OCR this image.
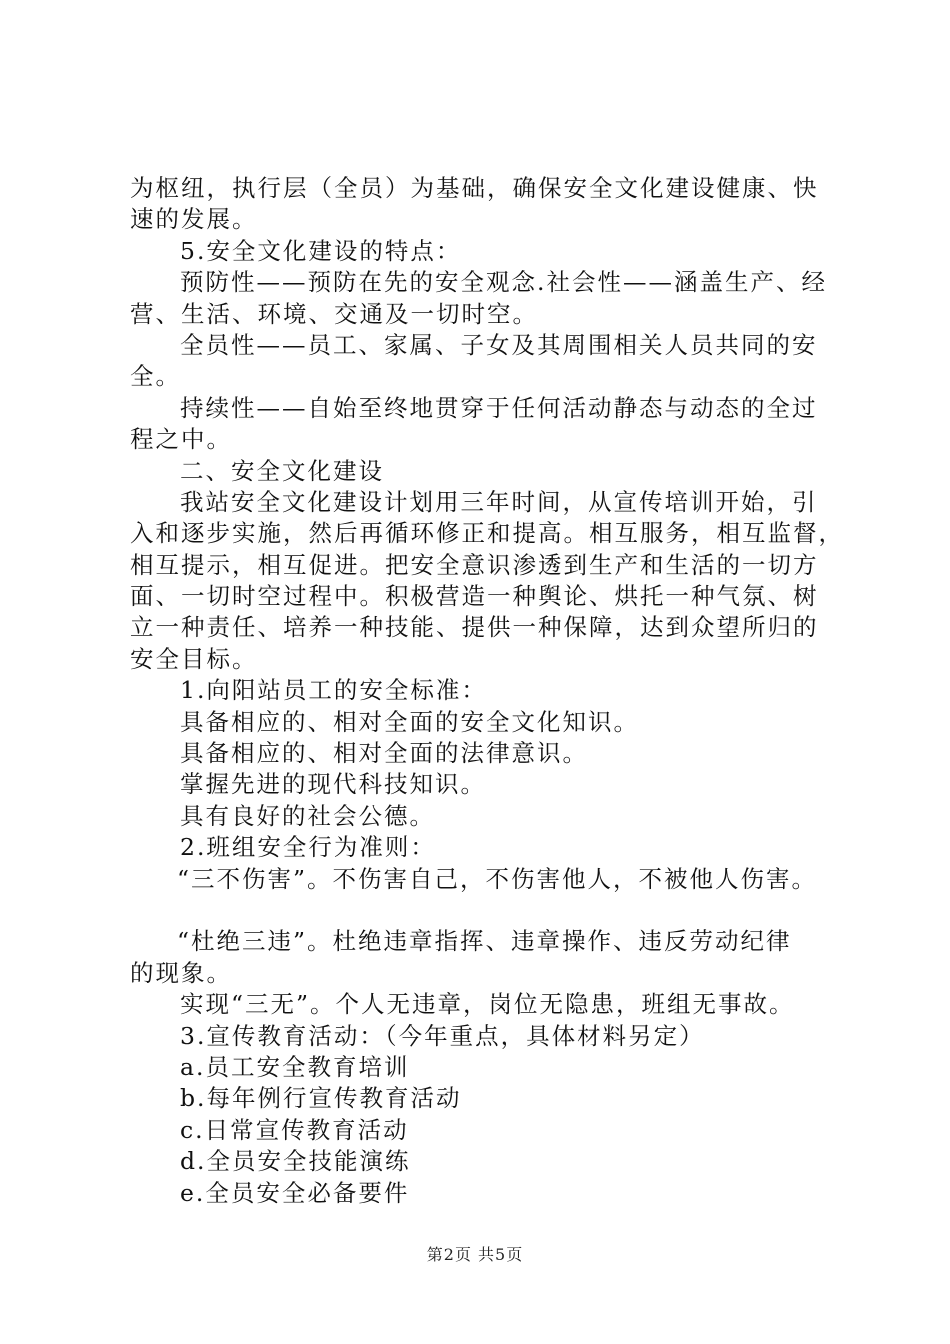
为枢纽，执行层（全员）为基础，确保安全文化建设健康、快
速的发展。
5.安全文化建设的特点：
预防性——预防在先的安全观念.社会性——涵盖生产、经
营、生活、环境、交通及一切时空。
全员性——员工、家属、子女及其周围相关人员共同的安
全。
持续性——自始至终地贯穿于任何活动静态与动态的全过
程之中。
二、安全文化建设
我站安全文化建设计划用三年时间，从宣传培训开始，引
入和逐步实施，然后再循环修正和提高。相互服务，相互监督，
相互提示，相互促进。把安全意识渗透到生产和生活的一切方
面、一切时空过程中。积极营造一种舆论、烘托一种气氛、树
立一种责任、培养一种技能、提供一种保障，达到众望所归的
安全目标。
1.向阳站员工的安全标准：
具备相应的、相对全面的安全文化知识。
具备相应的、相对全面的法律意识。
掌握先进的现代科技知识。
具有良好的社会公德。
2.班组安全行为准则：
“三不伤害”。不伤害自己，不伤害他人，不被他人伤害。
“杜绝三违”。杜绝违章指挥、违章操作、违反劳动纪律
的现象。
实现“三无”。个人无违章，岗位无隐患，班组无事故。
3.宣传教育活动：（今年重点，具体材料另定）
a.员工安全教育培训
b.每年例行宣传教育活动
c.日常宣传教育活动
d.全员安全技能演练
e.全员安全必备要件
第2页 共5页
